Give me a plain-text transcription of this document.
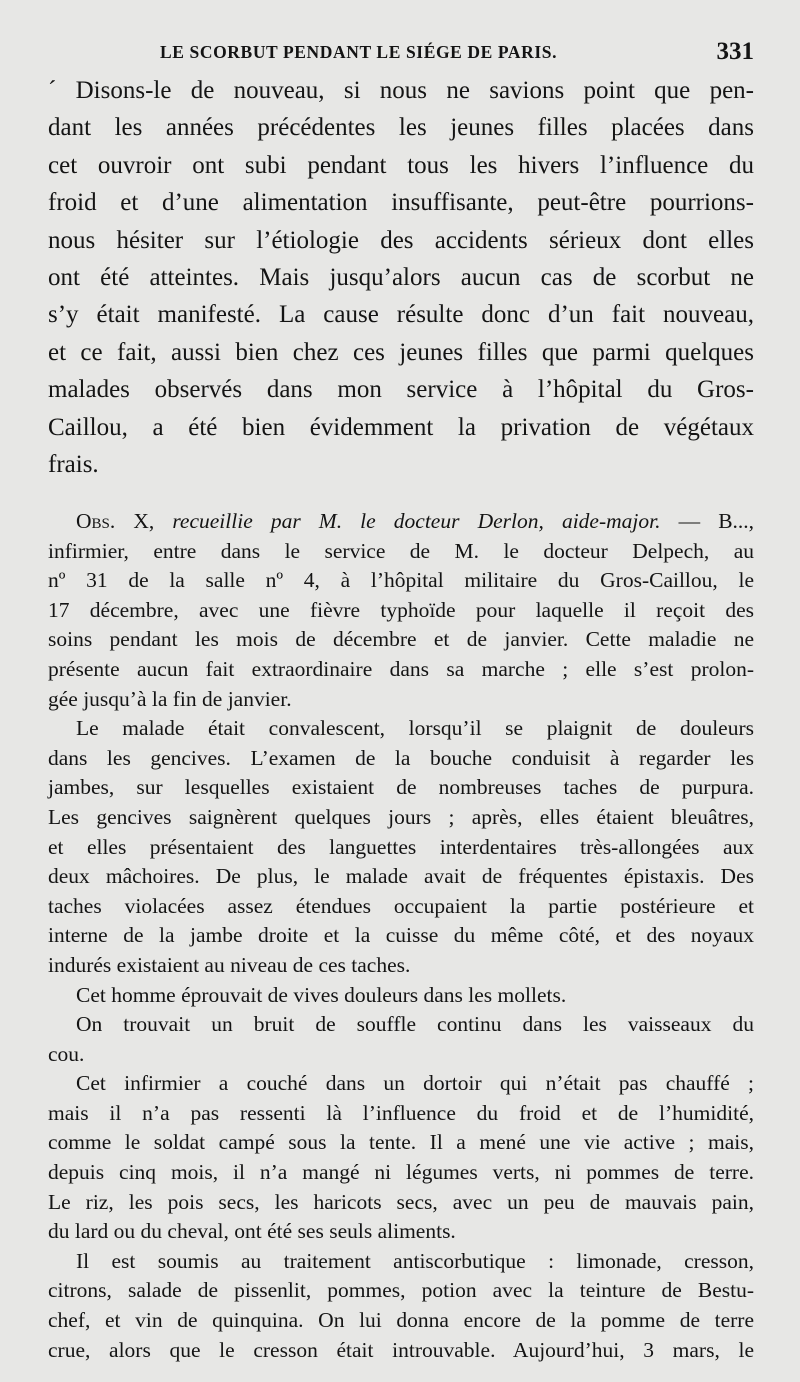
LE SCORBUT PENDANT LE SIÉGE DE PARIS.	331
´ Disons-le de nouveau, si nous ne savions point que pen-
dant les années précédentes les jeunes filles placées dans
cet ouvroir ont subi pendant tous les hivers l’influence du
froid et d’une alimentation insuffisante, peut-être pourrions-
nous hésiter sur l’étiologie des accidents sérieux dont elles
ont été atteintes. Mais jusqu’alors aucun cas de scorbut ne
s’y était manifesté. La cause résulte donc d’un fait nouveau,
et ce fait, aussi bien chez ces jeunes filles que parmi quelques
malades observés dans mon service à l’hôpital du Gros-
Caillou, a été bien évidemment la privation de végétaux
frais.
Obs. X, recueillie par M. le docteur Derlon, aide-major. — B...,
infirmier, entre dans le service de M. le docteur Delpech, au
nº 31 de la salle nº 4, à l’hôpital militaire du Gros-Caillou, le
17 décembre, avec une fièvre typhoïde pour laquelle il reçoit des
soins pendant les mois de décembre et de janvier. Cette maladie ne
présente aucun fait extraordinaire dans sa marche ; elle s’est prolon-
gée jusqu’à la fin de janvier.
Le malade était convalescent, lorsqu’il se plaignit de douleurs
dans les gencives. L’examen de la bouche conduisit à regarder les
jambes, sur lesquelles existaient de nombreuses taches de purpura.
Les gencives saignèrent quelques jours ; après, elles étaient bleuâtres,
et elles présentaient des languettes interdentaires très-allongées aux
deux mâchoires. De plus, le malade avait de fréquentes épistaxis. Des
taches violacées assez étendues occupaient la partie postérieure et
interne de la jambe droite et la cuisse du même côté, et des noyaux
indurés existaient au niveau de ces taches.
Cet homme éprouvait de vives douleurs dans les mollets.
On trouvait un bruit de souffle continu dans les vaisseaux du
cou.
Cet infirmier a couché dans un dortoir qui n’était pas chauffé ;
mais il n’a pas ressenti là l’influence du froid et de l’humidité,
comme le soldat campé sous la tente. Il a mené une vie active ; mais,
depuis cinq mois, il n’a mangé ni légumes verts, ni pommes de terre.
Le riz, les pois secs, les haricots secs, avec un peu de mauvais pain,
du lard ou du cheval, ont été ses seuls aliments.
Il est soumis au traitement antiscorbutique : limonade, cresson,
citrons, salade de pissenlit, pommes, potion avec la teinture de Bestu-
chef, et vin de quinquina. On lui donna encore de la pomme de terre
crue, alors que le cresson était introuvable. Aujourd’hui, 3 mars, le
